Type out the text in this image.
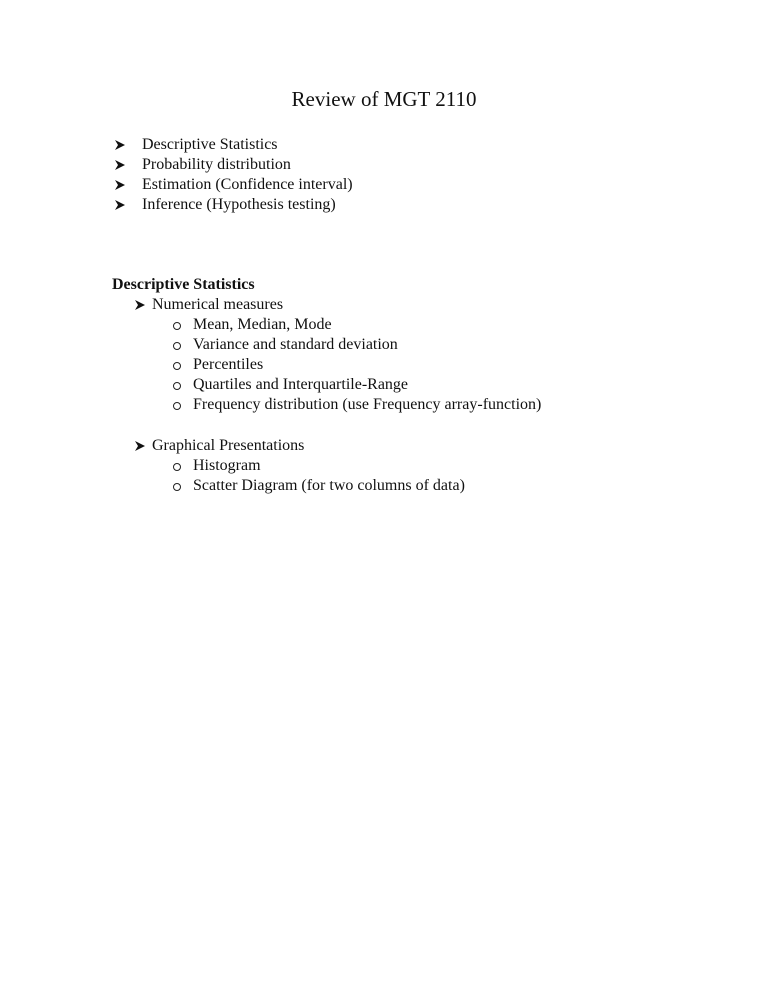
Review of MGT 2110
Descriptive Statistics
Probability distribution
Estimation (Confidence interval)
Inference (Hypothesis testing)
Descriptive Statistics
Numerical measures
Mean, Median, Mode
Variance and standard deviation
Percentiles
Quartiles and Interquartile-Range
Frequency distribution (use Frequency array-function)
Graphical Presentations
Histogram
Scatter Diagram (for two columns of data)
